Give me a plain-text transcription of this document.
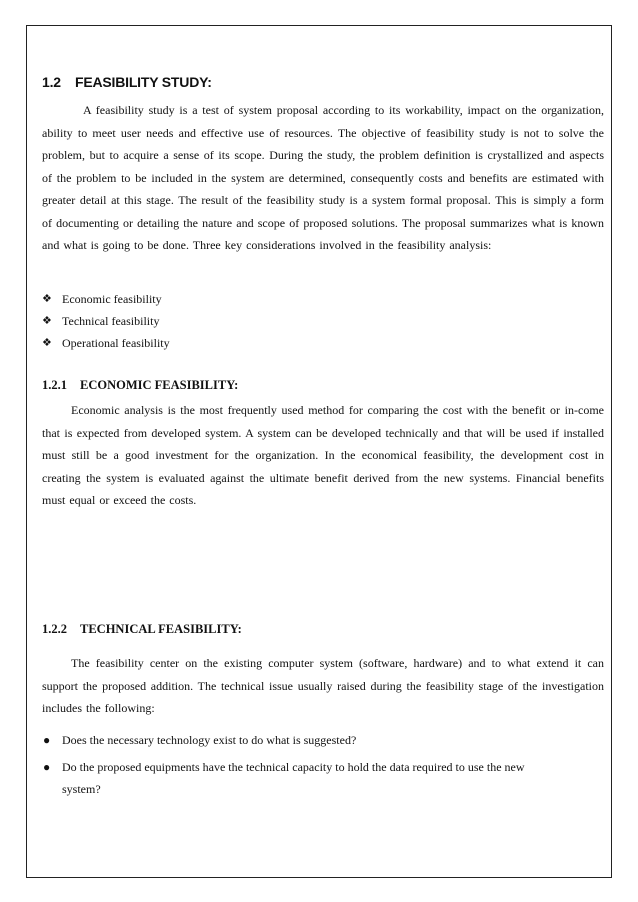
1.2 FEASIBILITY STUDY:
A feasibility study is a test of system proposal according to its workability, impact on the organization, ability to meet user needs and effective use of resources. The objective of feasibility study is not to solve the problem, but to acquire a sense of its scope. During the study, the problem definition is crystallized and aspects of the problem to be included in the system are determined, consequently costs and benefits are estimated with greater detail at this stage. The result of the feasibility study is a system formal proposal. This is simply a form of documenting or detailing the nature and scope of proposed solutions. The proposal summarizes what is known and what is going to be done. Three key considerations involved in the feasibility analysis:
❖ Economic feasibility
❖ Technical feasibility
❖ Operational feasibility
1.2.1 ECONOMIC FEASIBILITY:
Economic analysis is the most frequently used method for comparing the cost with the benefit or in-come that is expected from developed system. A system can be developed technically and that will be used if installed must still be a good investment for the organization. In the economical feasibility, the development cost in creating the system is evaluated against the ultimate benefit derived from the new systems. Financial benefits must equal or exceed the costs.
1.2.2 TECHNICAL FEASIBILITY:
The feasibility center on the existing computer system (software, hardware) and to what extend it can support the proposed addition. The technical issue usually raised during the feasibility stage of the investigation includes the following:
● Does the necessary technology exist to do what is suggested?
● Do the proposed equipments have the technical capacity to hold the data required to use the new system?
